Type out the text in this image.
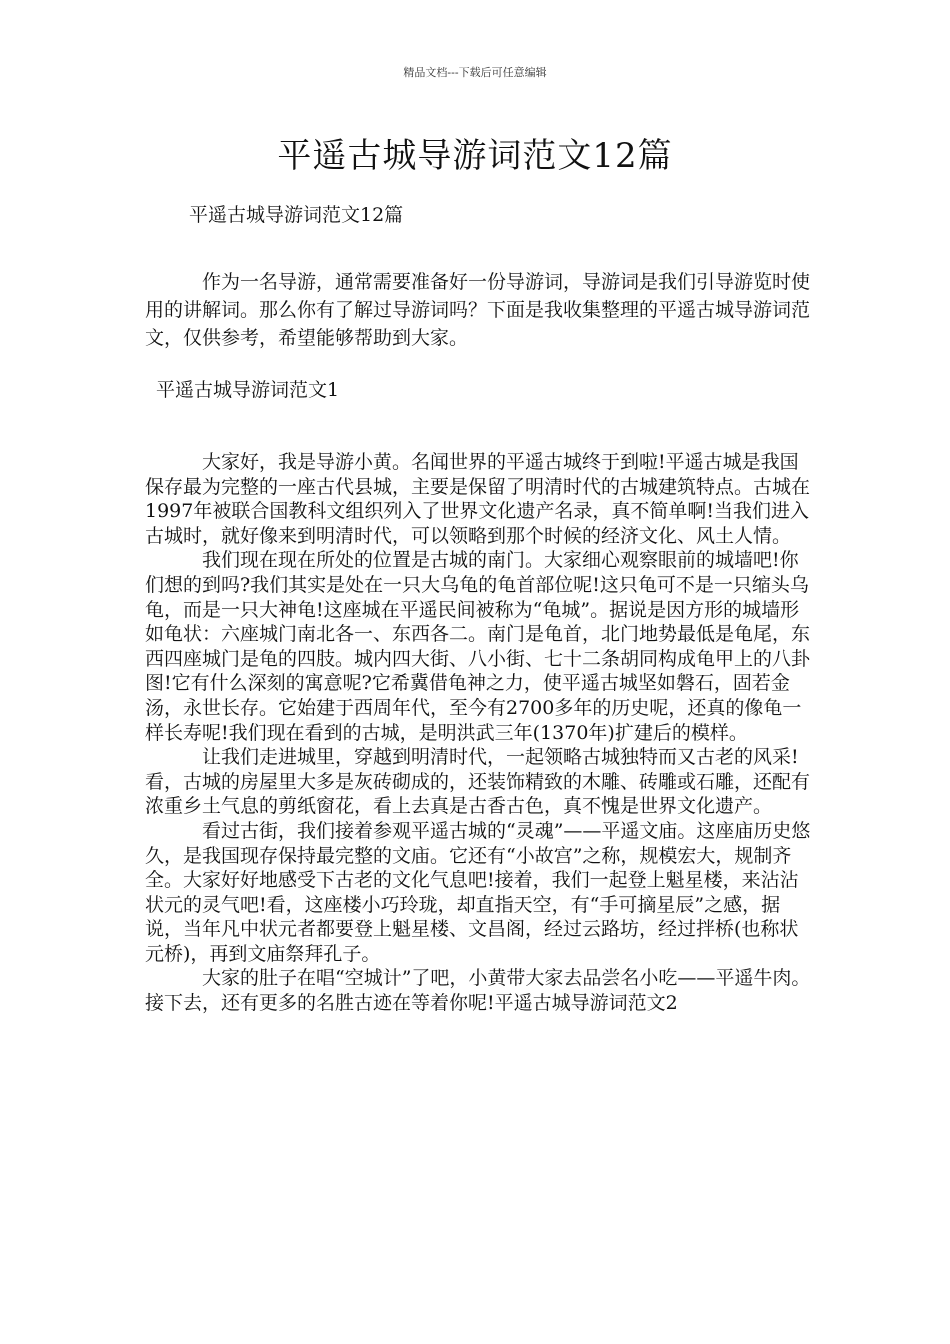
精品文档---下载后可任意编辑
平遥古城导游词范文12篇
平遥古城导游词范文12篇

作为一名导游，通常需要准备好一份导游词，导游词是我们引导游览时使用的讲解词。那么你有了解过导游词吗？下面是我收集整理的平遥古城导游词范文，仅供参考，希望能够帮助到大家。

平遥古城导游词范文1

大家好，我是导游小黄。名闻世界的平遥古城终于到啦!平遥古城是我国保存最为完整的一座古代县城，主要是保留了明清时代的古城建筑特点。古城在1997年被联合国教科文组织列入了世界文化遗产名录，真不简单啊!当我们进入古城时，就好像来到明清时代，可以领略到那个时候的经济文化、风土人情。

我们现在现在所处的位置是古城的南门。大家细心观察眼前的城墙吧!你们想的到吗?我们其实是处在一只大乌龟的龟首部位呢!这只龟可不是一只缩头乌龟，而是一只大神龟!这座城在平遥民间被称为“龟城”。据说是因方形的城墙形如龟状：六座城门南北各一、东西各二。南门是龟首，北门地势最低是龟尾，东西四座城门是龟的四肢。城内四大街、八小街、七十二条胡同构成龟甲上的八卦图!它有什么深刻的寓意呢?它希冀借龟神之力，使平遥古城坚如磐石，固若金汤，永世长存。它始建于西周年代，至今有2700多年的历史呢，还真的像龟一样长寿呢!我们现在看到的古城，是明洪武三年(1370年)扩建后的模样。

让我们走进城里，穿越到明清时代，一起领略古城独特而又古老的风采!看，古城的房屋里大多是灰砖砌成的，还装饰精致的木雕、砖雕或石雕，还配有浓重乡土气息的剪纸窗花，看上去真是古香古色，真不愧是世界文化遗产。

看过古街，我们接着参观平遥古城的“灵魂”——平遥文庙。这座庙历史悠久，是我国现存保持最完整的文庙。它还有“小故宫”之称，规模宏大，规制齐全。大家好好地感受下古老的文化气息吧!接着，我们一起登上魁星楼，来沾沾状元的灵气吧!看，这座楼小巧玲珑，却直指天空，有“手可摘星辰”之感，据说，当年凡中状元者都要登上魁星楼、文昌阁，经过云路坊，经过拌桥(也称状元桥)，再到文庙祭拜孔子。

大家的肚子在唱“空城计”了吧，小黄带大家去品尝名小吃——平遥牛肉。接下去，还有更多的名胜古迹在等着你呢!平遥古城导游词范文2
